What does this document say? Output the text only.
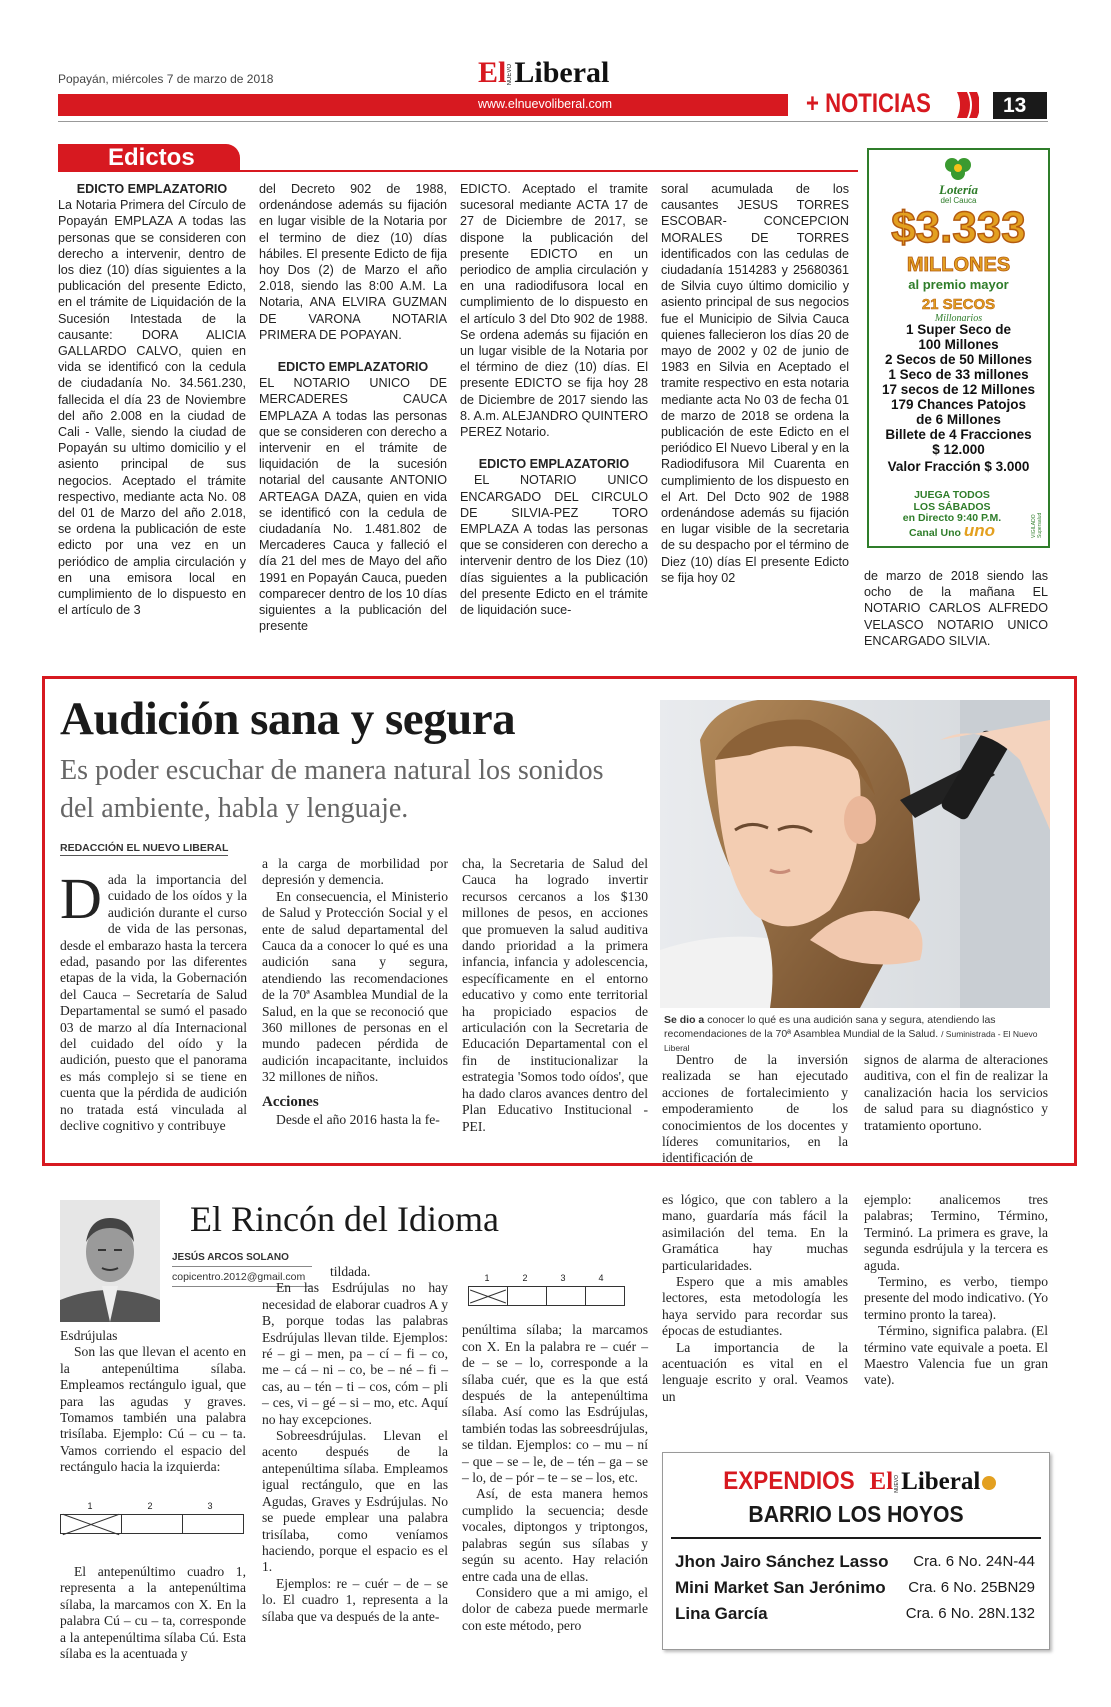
Popayán, miércoles 7 de marzo de 2018	El NUEVO Liberal
www.elnuevoliberal.com	+ NOTICIAS	13
Edictos
EDICTO EMPLAZATORIO

La Notaria Primera del Círculo de Popayán EMPLAZA A todas las personas que se consideren con derecho a intervenir, dentro de los diez (10) días siguientes a la publicación del presente Edicto, en el trámite de Liquidación de la Sucesión Intestada de la causante: DORA ALICIA GALLARDO CALVO, quien en vida se identificó con la cedula de ciudadanía No. 34.561.230, fallecida el día 23 de Noviembre del año 2.008 en la ciudad de Cali - Valle, siendo la ciudad de Popayán su ultimo domicilio y el asiento principal de sus negocios. Aceptado el trámite respectivo, mediante acta No. 08 del 01 de Marzo del año 2.018, se ordena la publicación de este edicto por una vez en un periódico de amplia circulación y en una emisora local en cumplimiento de lo dispuesto en el artículo de 3

del Decreto 902 de 1988, ordenándose además su fijación en lugar visible de la Notaria por el termino de diez (10) días hábiles. El presente Edicto de fija hoy Dos (2) de Marzo el año 2.018, siendo las 8:00 A.M. La Notaria, ANA ELVIRA GUZMAN DE VARONA NOTARIA PRIMERA DE POPAYAN.

EDICTO EMPLAZATORIO

EL NOTARIO UNICO DE MERCADERES CAUCA EMPLAZA A todas las personas que se consideren con derecho a intervenir en el trámite de liquidación de la sucesión notarial del causante ANTONIO ARTEAGA DAZA, quien en vida se identificó con la cedula de ciudadanía No. 1.481.802 de Mercaderes Cauca y falleció el día 21 del mes de Mayo del año 1991 en Popayán Cauca, pueden comparecer dentro de los 10 días siguientes a la publicación del presente

EDICTO. Aceptado el tramite sucesoral mediante ACTA 17 de 27 de Diciembre de 2017, se dispone la publicación del presente EDICTO en un periodico de amplia circulación y en una radiodifusora local en cumplimiento de lo dispuesto en el artículo 3 del Dto 902 de 1988. Se ordena además su fijación en un lugar visible de la Notaria por el término de diez (10) días. El presente EDICTO se fija hoy 28 de Diciembre de 2017 siendo las 8. A.m. ALEJANDRO QUINTERO PEREZ Notario.

EDICTO EMPLAZATORIO

EL NOTARIO UNICO ENCARGADO DEL CIRCULO DE SILVIA-PEZ TORO EMPLAZA A todas las personas que se consideren con derecho a intervenir dentro de los Diez (10) días siguientes a la publicación del presente Edicto en el trámite de liquidación suce-

soral acumulada de los causantes JESUS TORRES ESCOBAR- CONCEPCION MORALES DE TORRES identificados con las cedulas de ciudadanía 1514283 y 25680361 de Silvia cuyo último domicilio y asiento principal de sus negocios fue el Municipio de Silvia Cauca quienes fallecieron los días 20 de mayo de 2002 y 02 de junio de 1983 en Silvia en Aceptado el tramite respectivo en esta notaria mediante acta No 03 de fecha 01 de marzo de 2018 se ordena la publicación de este Edicto en el periódico El Nuevo Liberal y en la Radiodifusora Mil Cuarenta en cumplimiento de los dispuesto en el Art. Del Dcto 902 de 1988 ordenándose además su fijación en lugar visible de la secretaria de su despacho por el término de Diez (10) días El presente Edicto se fija hoy 02

Lotería
del Cauca
$3.333
MILLONES
al premio mayor
21 SECOS
Millonarios
1 Super Seco de
100 Millones
2 Secos de 50 Millones
1 Seco de 33 millones
17 secos de 12 Millones
179 Chances Patojos
de 6 Millones
Billete de 4 Fracciones
$ 12.000
Valor Fracción $ 3.000
JUEGA TODOS
LOS SÁBADOS
en Directo 9:40 P.M.
Canal Uno uno	VIGILADO Supersalud

de marzo de 2018 siendo las ocho de la mañana EL NOTARIO CARLOS ALFREDO VELASCO NOTARIO UNICO ENCARGADO SILVIA.

Audición sana y segura
Es poder escuchar de manera natural los sonidos del ambiente, habla y lenguaje.
REDACCIÓN EL NUEVO LIBERAL
Dada la importancia del cuidado de los oídos y la audición durante el curso de vida de las personas, desde el embarazo hasta la tercera edad, pasando por las diferentes etapas de la vida, la Gobernación del Cauca – Secretaría de Salud Departamental se sumó el pasado 03 de marzo al día Internacional del cuidado del oído y la audición, puesto que el panorama es más complejo si se tiene en cuenta que la pérdida de audición no tratada está vinculada al declive cognitivo y contribuye

a la carga de morbilidad por depresión y demencia.

En consecuencia, el Ministerio de Salud y Protección Social y el ente de salud departamental del Cauca da a conocer lo qué es una audición sana y segura, atendiendo las recomendaciones de la 70ª Asamblea Mundial de la Salud, en la que se reconoció que 360 millones de personas en el mundo padecen pérdida de audición incapacitante, incluidos 32 millones de niños.

Acciones

Desde el año 2016 hasta la fe-

cha, la Secretaria de Salud del Cauca ha logrado invertir recursos cercanos a los $130 millones de pesos, en acciones que promueven la salud auditiva dando prioridad a la primera infancia, infancia y adolescencia, específicamente en el entorno educativo y como ente territorial ha propiciado espacios de articulación con la Secretaria de Educación Departamental con el fin de institucionalizar la estrategia 'Somos todo oídos', que ha dado claros avances dentro del Plan Educativo Institucional - PEI.

Se dio a conocer lo qué es una audición sana y segura, atendiendo las recomendaciones de la 70ª Asamblea Mundial de la Salud. / Suministrada - El Nuevo Liberal

Dentro de la inversión realizada se han ejecutado acciones de fortalecimiento y empoderamiento de los conocimientos de los docentes y líderes comunitarios, en la identificación de

signos de alarma de alteraciones auditiva, con el fin de realizar la canalización hacia los servicios de salud para su diagnóstico y tratamiento oportuno.

El Rincón del Idioma
JESÚS ARCOS SOLANO
copicentro.2012@gmail.com

Esdrújulas

Son las que llevan el acento en la antepenúltima sílaba. Empleamos rectángulo igual, que para las agudas y graves. Tomamos también una palabra trisílaba. Ejemplo: Cú – cu – ta. Vamos corriendo el espacio del rectángulo hacia la izquierda:

1	2	3

El antepenúltimo cuadro 1, representa a la antepenúltima sílaba, la marcamos con X. En la palabra Cú – cu – ta, corresponde a la antepenúltima sílaba Cú. Esta sílaba es la acentuada y

tildada.

En las Esdrújulas no hay necesidad de elaborar cuadros A y B, porque todas las palabras Esdrújulas llevan tilde. Ejemplos: ré – gi – men, pa – cí – fi – co, me – cá – ni – co, be – né – fi – cas, au – tén – ti – cos, cóm – pli – ces, vi – gé – si – mo, etc. Aquí no hay excepciones.

Sobreesdrújulas. Llevan el acento después de la antepenúltima sílaba. Empleamos igual rectángulo, que en las Agudas, Graves y Esdrújulas. No se puede emplear una palabra trisílaba, como veníamos haciendo, porque el espacio es el 1.

Ejemplos: re – cuér – de – se lo. El cuadro 1, representa a la sílaba que va después de la ante-

1	2	3	4

penúltima sílaba; la marcamos con X. En la palabra re – cuér – de – se – lo, corresponde a la sílaba cuér, que es la que está después de la antepenúltima sílaba. Así como las Esdrújulas, también todas las sobreesdrújulas, se tildan. Ejemplos: co – mu – ní – que – se – le, de – tén – ga – se – lo, de – pór – te – se – los, etc.

Así, de esta manera hemos cumplido la secuencia; desde vocales, diptongos y triptongos, palabras según sus sílabas y según su acento. Hay relación entre cada una de ellas.

Considero que a mi amigo, el dolor de cabeza puede mermarle con este método, pero

es lógico, que con tablero a la mano, guardaría más fácil la asimilación del tema. En la Gramática hay muchas particularidades.

Espero que a mis amables lectores, esta metodología les haya servido para recordar sus épocas de estudiantes.

La importancia de la acentuación es vital en el lenguaje escrito y oral. Veamos un

ejemplo: analicemos tres palabras; Termino, Término, Terminó. La primera es grave, la segunda esdrújula y la tercera es aguda.

Termino, es verbo, tiempo presente del modo indicativo. (Yo termino pronto la tarea).

Término, significa palabra. (El término vate equivale a poeta. El Maestro Valencia fue un gran vate).

EXPENDIOS El NUEVO Liberal
BARRIO LOS HOYOS
Jhon Jairo Sánchez Lasso Cra. 6 No. 24N-44
Mini Market San Jerónimo Cra. 6 No. 25BN29
Lina García	Cra. 6 No. 28N.132
